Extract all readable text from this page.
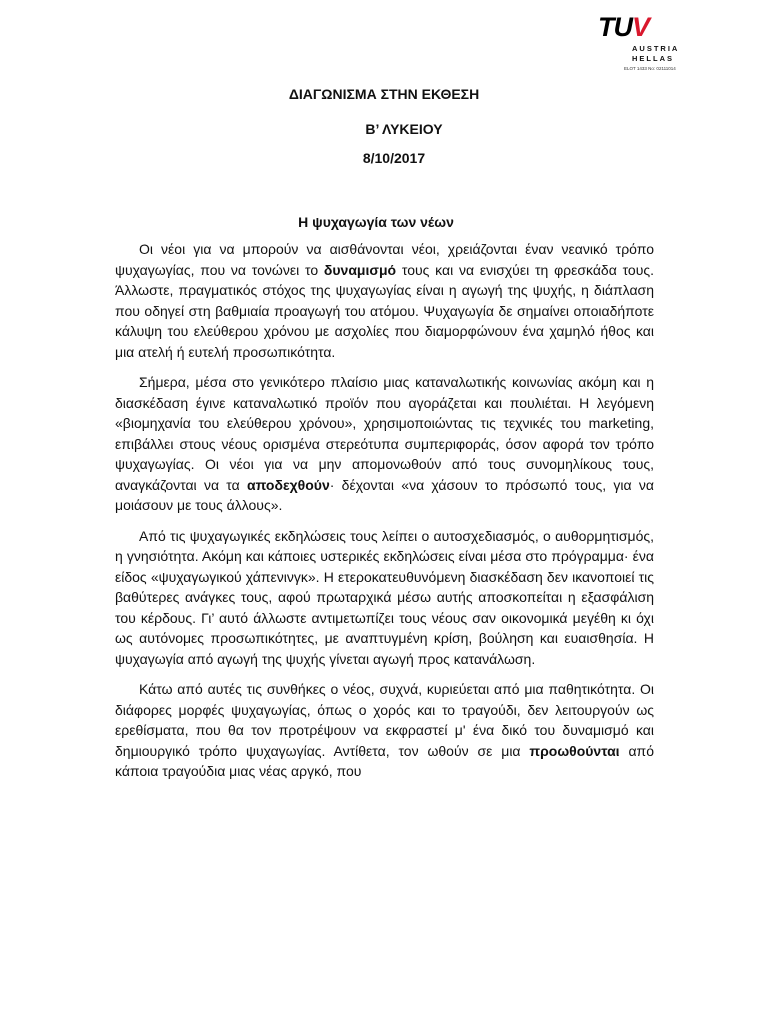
TUV
AUSTRIA
HELLAS
ELOT 1433 No: 02111014
ΔΙΑΓΩΝΙΣΜΑ ΣΤΗΝ ΕΚΘΕΣΗ
Β’ ΛΥΚΕΙΟΥ
8/10/2017
Η ψυχαγωγία των νέων

Οι νέοι για να μπορούν να αισθάνονται νέοι, χρειάζονται έναν νεανικό τρόπο ψυχαγωγίας, που να τονώνει το δυναμισμό τους και να ενισχύει τη φρεσκάδα τους. Άλλωστε, πραγματικός στόχος της ψυχαγωγίας είναι η αγωγή της ψυχής, η διάπλαση που οδηγεί στη βαθμιαία προαγωγή του ατόμου. Ψυχαγωγία δε σημαίνει οποιαδήποτε κάλυψη του ελεύθερου χρόνου με ασχολίες που διαμορφώνουν ένα χαμηλό ήθος και μια ατελή ή ευτελή προσωπικότητα.

Σήμερα, μέσα στο γενικότερο πλαίσιο μιας καταναλωτικής κοινωνίας ακόμη και η διασκέδαση έγινε καταναλωτικό προϊόν που αγοράζεται και πουλιέται. Η λεγόμενη «βιομηχανία του ελεύθερου χρόνου», χρησιμοποιώντας τις τεχνικές του marketing, επιβάλλει στους νέους ορισμένα στερεότυπα συμπεριφοράς, όσον αφορά τον τρόπο ψυχαγωγίας. Οι νέοι για να μην απομονωθούν από τους συνομηλίκους τους, αναγκάζονται να τα αποδεχθούν· δέχονται «να χάσουν το πρόσωπό τους, για να μοιάσουν με τους άλλους».

Από τις ψυχαγωγικές εκδηλώσεις τους λείπει ο αυτοσχεδιασμός, ο αυθορμητισμός, η γνησιότητα. Ακόμη και κάποιες υστερικές εκδηλώσεις είναι μέσα στο πρόγραμμα· ένα είδος «ψυχαγωγικού χάπενινγκ». Η ετεροκατευθυνόμενη διασκέδαση δεν ικανοποιεί τις βαθύτερες ανάγκες τους, αφού πρωταρχικά μέσω αυτής αποσκοπείται η εξασφάλιση του κέρδους. Γι’ αυτό άλλωστε αντιμετωπίζει τους νέους σαν οικονομικά μεγέθη κι όχι ως αυτόνομες προσωπικότητες, με αναπτυγμένη κρίση, βούληση και ευαισθησία. Η ψυχαγωγία από αγωγή της ψυχής γίνεται αγωγή προς κατανάλωση.

Κάτω από αυτές τις συνθήκες ο νέος, συχνά, κυριεύεται από μια παθητικότητα. Οι διάφορες μορφές ψυχαγωγίας, όπως ο χορός και το τραγούδι, δεν λειτουργούν ως ερεθίσματα, που θα τον προτρέψουν να εκφραστεί μ' ένα δικό του δυναμισμό και δημιουργικό τρόπο ψυχαγωγίας. Αντίθετα, τον ωθούν σε μια προωθούνται από κάποια τραγούδια μιας νέας αργκό, που
